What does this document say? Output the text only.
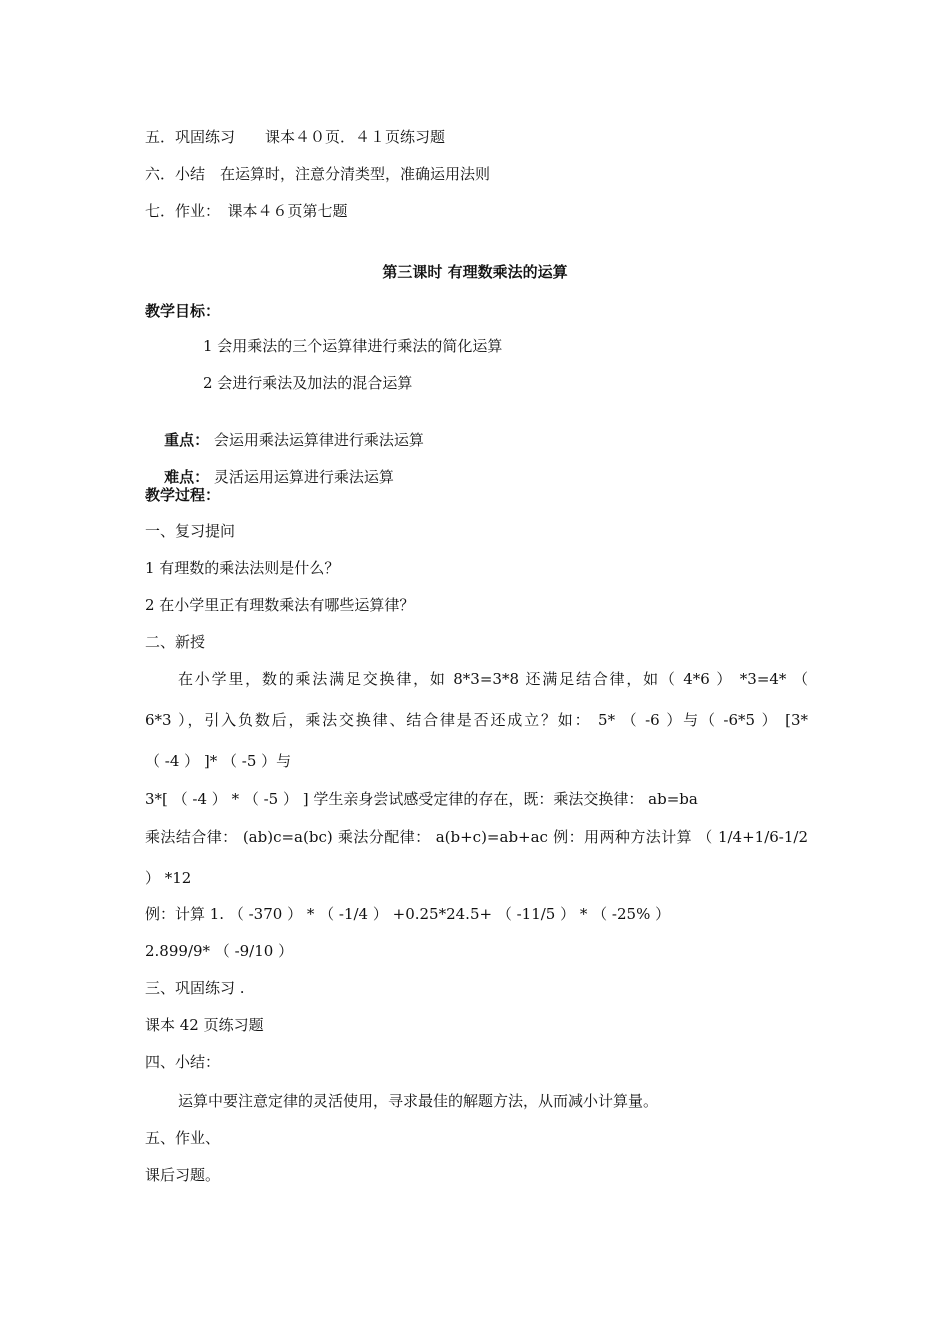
五．巩固练习　　课本４０页．４１页练习题
六．小结　在运算时，注意分清类型，准确运用法则
七．作业：　课本４６页第七题
第三课时 有理数乘法的运算
教学目标：
1 会用乘法的三个运算律进行乘法的简化运算
2 会进行乘法及加法的混合运算

重点： 会运用乘法运算律进行乘法运算

难点： 灵活运用运算进行乘法运算

教学过程：
一、复习提问
1 有理数的乘法法则是什么？
2 在小学里正有理数乘法有哪些运算律？
二、新授
在小学里，数的乘法满足交换律，如 8*3=3*8 还满足结合律，如（ 4*6 ） *3=4* （
6*3 ），引入负数后，乘法交换律、结合律是否还成立？如： 5* （ -6 ）与（ -6*5 ） [3*
（ -4 ） ]* （ -5 ）与
3*[ （ -4 ） * （ -5 ） ] 学生亲身尝试感受定律的存在，既：乘法交换律： ab=ba
乘法结合律： (ab)c=a(bc) 乘法分配律： a(b+c)=ab+ac 例：用两种方法计算 （ 1/4+1/6-1/2
） *12
例：计算 1. （ -370 ） * （ -1/4 ） +0.25*24.5+ （ -11/5 ） * （ -25% ）
2.899/9* （ -9/10 ）
三、巩固练习 .
课本 42 页练习题
四、小结：
运算中要注意定律的灵活使用，寻求最佳的解题方法，从而减小计算量。
五、作业、
课后习题。
